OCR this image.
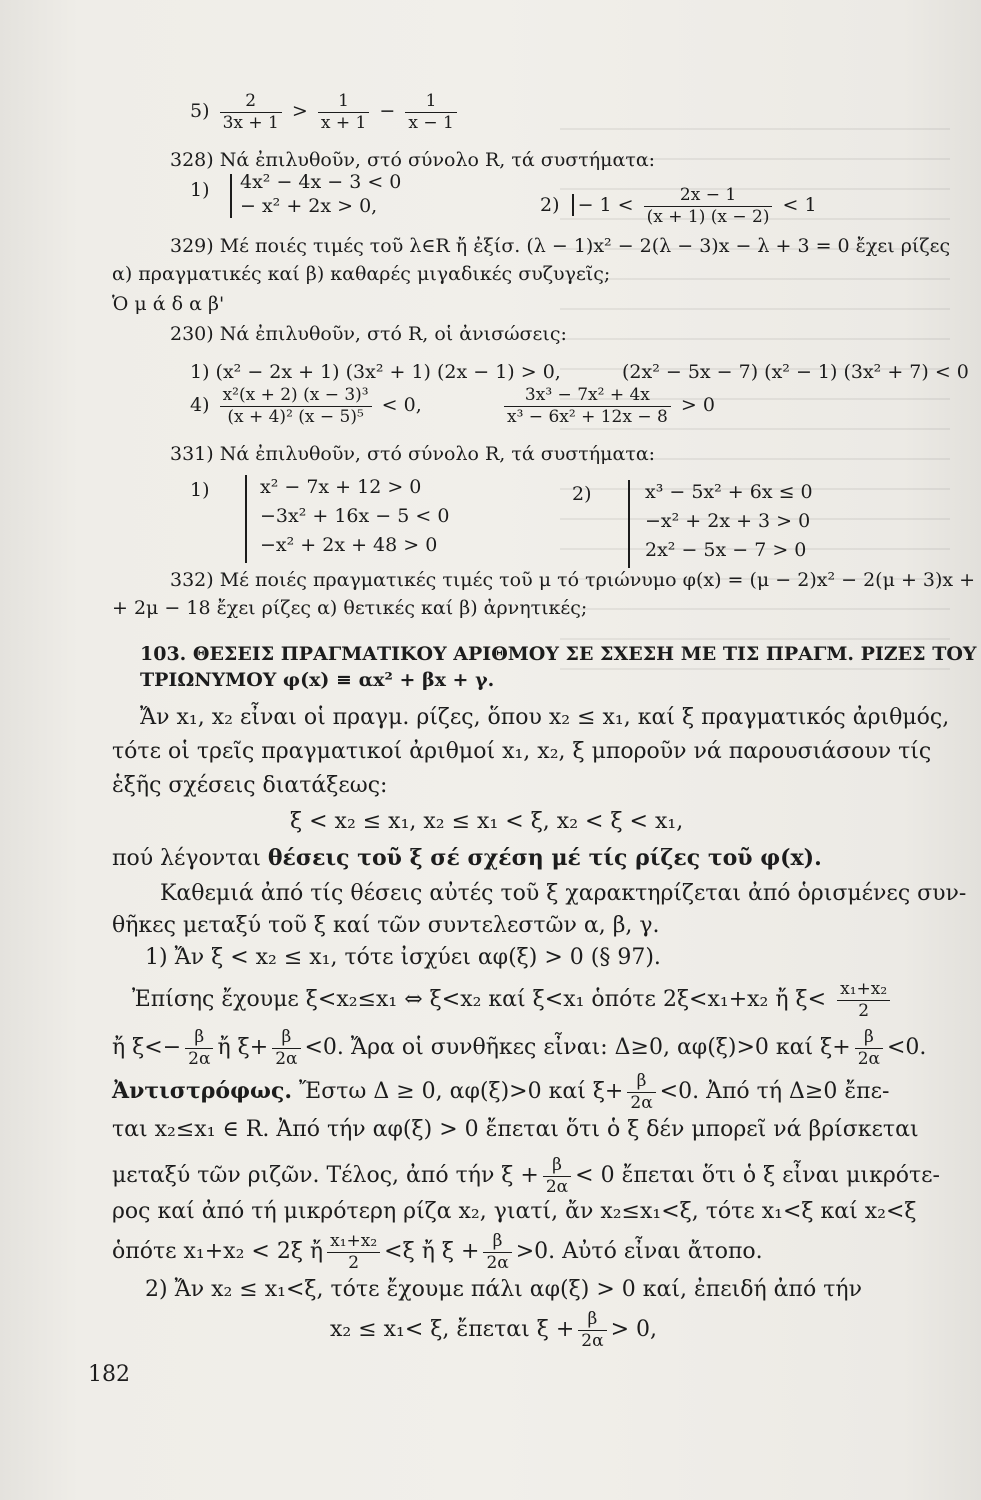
$5) \frac{2}{3x + 1} > \frac{1}{x + 1} - \frac{1}{x - 1}$
328) Νά ἐπιλυθοῦν, στό σύνολο R, τά συστήματα:
1) 4x² − 4x − 3 < 0
− x² + 2x > 0,	$2) - 1 < \frac{2x - 1}{(x + 1) (x - 2)} < 1$
329) Μέ ποιές τιμές τοῦ λ∈R ἤ ἐξίσ. (λ − 1)x² − 2(λ − 3)x − λ + 3 = 0 ἔχει ρίζες
α) πραγματικές καί β) καθαρές μιγαδικές συζυγεῖς;
Ὁ μ ά δ α β'
230) Νά ἐπιλυθοῦν, στό R, οἱ ἀνισώσεις:
1) (x² − 2x + 1) (3x² + 1) (2x − 1) > 0,	(2x² − 5x − 7) (x² − 1) (3x² + 7) < 0
$4) \frac{\text{x²(x + 2) (x − 3)³}}{\text{(x + 4)² (x − 5)⁵}} < 0$,	$\frac{\text{3x³ − 7x² + 4x}}{\text{x³ − 6x² + 12x − 8}} > 0$
331) Νά ἐπιλυθοῦν, στό σύνολο R, τά συστήματα:
1)	x² − 7x + 12 > 0
−3x² + 16x − 5 < 0
−x² + 2x + 48 > 0
2)	x³ − 5x² + 6x ≤ 0
−x² + 2x + 3 > 0
2x² − 5x − 7 > 0
332) Μέ ποιές πραγματικές τιμές τοῦ μ τό τριώνυμο φ(x) = (μ − 2)x² − 2(μ + 3)x +
+ 2μ − 18 ἔχει ρίζες α) θετικές καί β) ἀρνητικές;
103. ΘΕΣΕΙΣ ΠΡΑΓΜΑΤΙΚΟΥ ΑΡΙΘΜΟΥ ΣΕ ΣΧΕΣΗ ΜΕ ΤΙΣ ΠΡΑΓΜ. ΡΙΖΕΣ ΤΟΥ
ΤΡΙΩΝΥΜΟΥ φ(x) ≡ αx² + βx + γ.
Ἄν x₁, x₂ εἶναι οἱ πραγμ. ρίζες, ὅπου x₂ ≤ x₁, καί ξ πραγματικός ἀριθμός,
τότε οἱ τρεῖς πραγματικοί ἀριθμοί x₁, x₂, ξ μποροῦν νά παρουσιάσουν τίς
ἑξῆς σχέσεις διατάξεως:
ξ < x₂ ≤ x₁, x₂ ≤ x₁ < ξ, x₂ < ξ < x₁,
πού λέγονται θέσεις τοῦ ξ σέ σχέση μέ τίς ρίζες τοῦ φ(x).
Καθεμιά ἀπό τίς θέσεις αὐτές τοῦ ξ χαρακτηρίζεται ἀπό ὁρισμένες συν-
θῆκες μεταξύ τοῦ ξ καί τῶν συντελεστῶν α, β, γ.
1) Ἄν ξ < x₂ ≤ x₁, τότε ἰσχύει αφ(ξ) > 0 (§ 97).
Ἐπίσης ἔχουμε ξ<x₂≤x₁ ⇔ ξ<x₂ καί ξ<x₁ ὁπότε 2ξ<x₁+x₂ ἤ $\xi< \frac{\text{x₁+x₂}}{2}$
ἤ $\xi<- \frac{\beta}{2\alpha}$ ἤ $\xi+ \frac{\beta}{2\alpha} <0$. Ἄρα οἱ συνθῆκες εἶναι: Δ≥0, αφ(ξ)>0 καί $\xi+ \frac{\beta}{2\alpha} <0$.
Ἀντιστρόφως. Ἔστω Δ ≥ 0, αφ(ξ)>0 καί $\xi+ \frac{\beta}{2\alpha} <0$. Ἀπό τή Δ≥0 ἔπε-
ται x₂≤x₁ ∈ R. Ἀπό τήν αφ(ξ) > 0 ἔπεται ὅτι ὁ ξ δέν μπορεῖ νά βρίσκεται
μεταξύ τῶν ριζῶν. Τέλος, ἀπό τήν $\xi + \frac{\beta}{2\alpha} < 0$ ἔπεται ὅτι ὁ ξ εἶναι μικρότε-
ρος καί ἀπό τή μικρότερη ρίζα x₂, γιατί, ἄν x₂≤x₁<ξ, τότε x₁<ξ καί x₂<ξ
ὁπότε x₁+x₂ < 2ξ ἤ $\frac{\text{x₁+x₂}}{2} <\xi$ ἤ $\xi + \frac{\beta}{2\alpha} >0$. Αὐτό εἶναι ἄτοπο.
2) Ἄν x₂ ≤ x₁<ξ, τότε ἔχουμε πάλι αφ(ξ) > 0 καί, ἐπειδή ἀπό τήν
x₂ ≤ x₁< ξ, ἔπεται $\xi + \frac{\beta}{2\alpha} > 0$,
182
